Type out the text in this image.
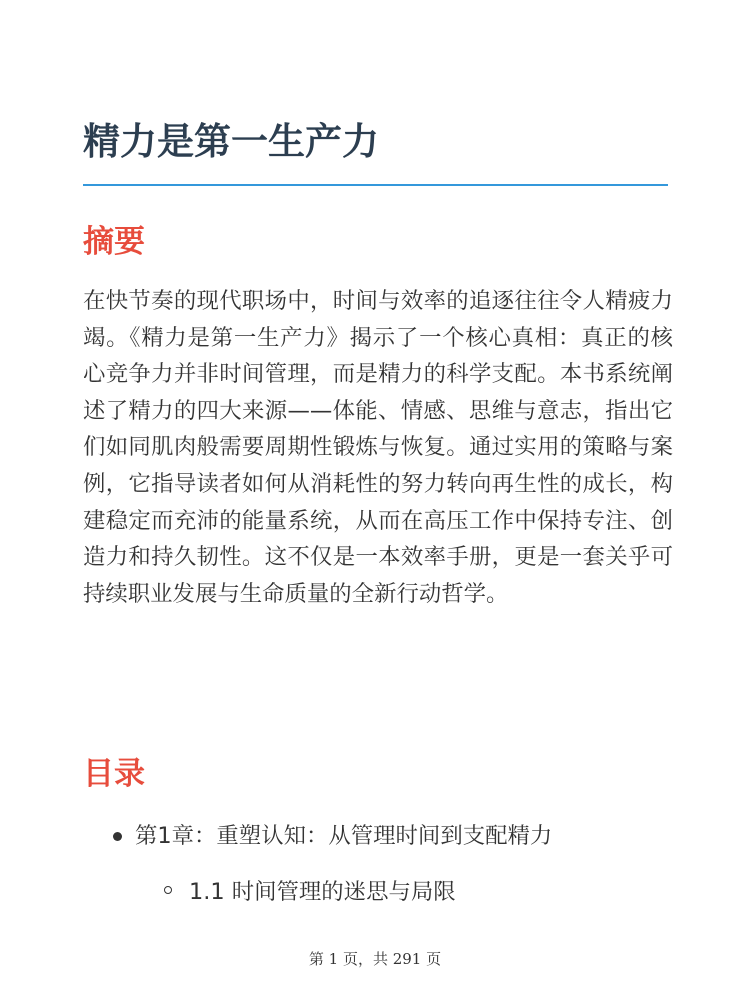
精力是第一生产力
摘要

在快节奏的现代职场中，时间与效率的追逐往往令人精疲力竭。《精力是第一生产力》揭示了一个核心真相：真正的核心竞争力并非时间管理，而是精力的科学支配。本书系统阐述了精力的四大来源——体能、情感、思维与意志，指出它们如同肌肉般需要周期性锻炼与恢复。通过实用的策略与案例，它指导读者如何从消耗性的努力转向再生性的成长，构建稳定而充沛的能量系统，从而在高压工作中保持专注、创造力和持久韧性。这不仅是一本效率手册，更是一套关乎可持续职业发展与生命质量的全新行动哲学。

目录
第1章：重塑认知：从管理时间到支配精力
1.1 时间管理的迷思与局限
第 1 页，共 291 页
